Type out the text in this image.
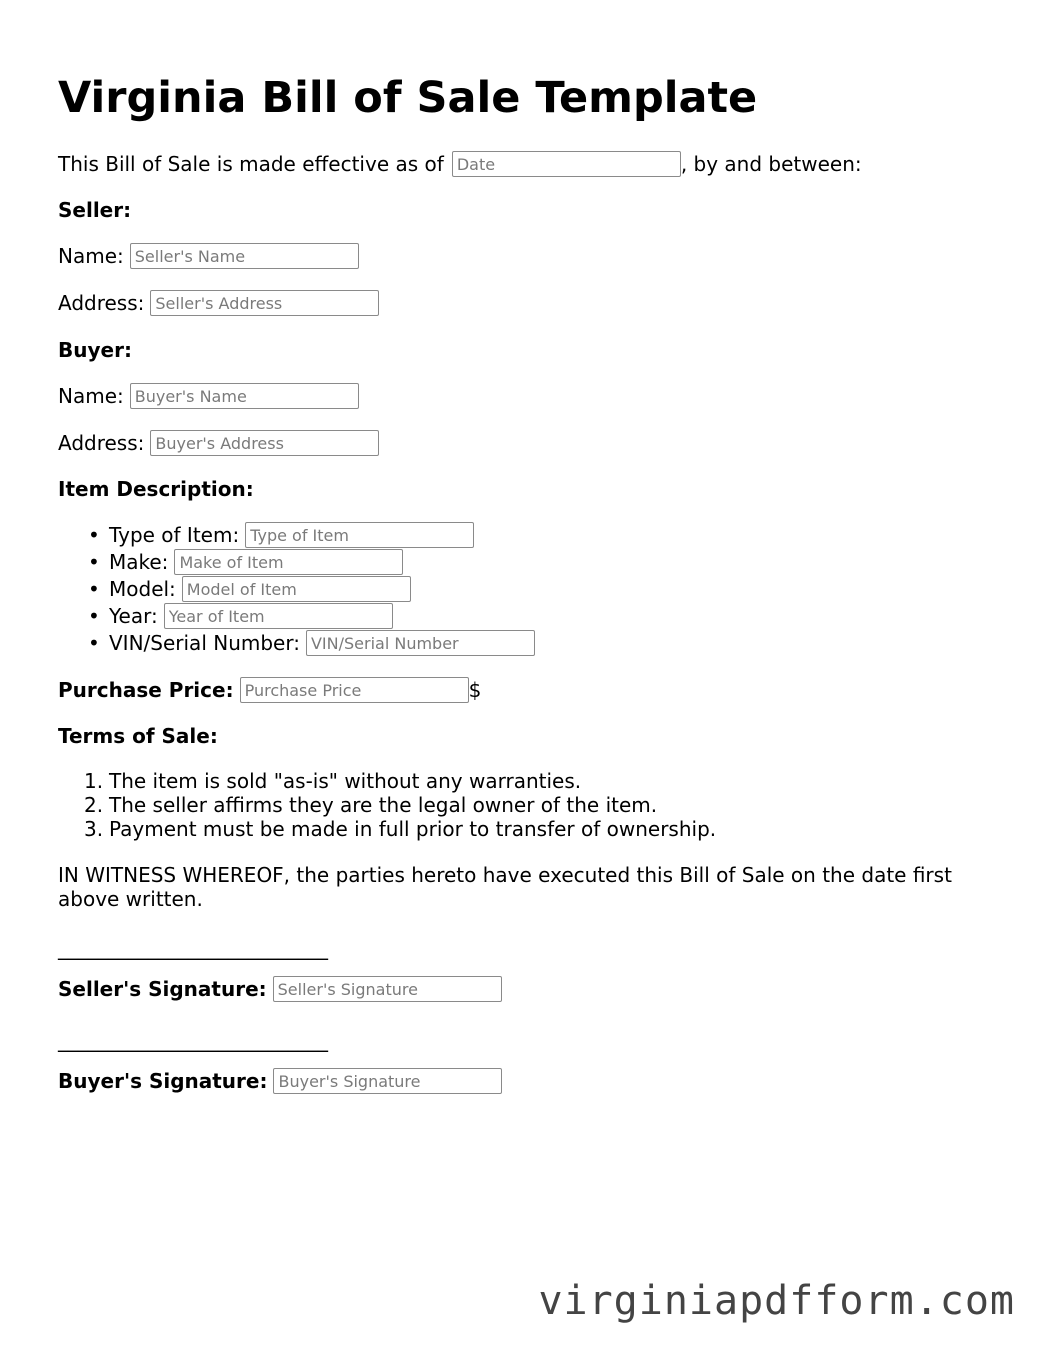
Virginia Bill of Sale Template
This Bill of Sale is made effective as of
Date	, by and between:
Seller:
Name:
Seller's Name
Address:
Seller's Address
Buyer:
Name:
Buyer's Name
Address:
Buyer's Address
Item Description:
• Type of Item:
Type of Item
• Make:
Make of Item
• Model:
Model of Item
• Year:
Year of Item
• VIN/Serial Number:
VIN/Serial Number
Purchase Price:
Purchase Price	$
Terms of Sale:
1. The item is sold "as-is" without any warranties.
2. The seller affirms they are the legal owner of the item.
3. Payment must be made in full prior to transfer of ownership.
IN WITNESS WHEREOF, the parties hereto have executed this Bill of Sale on the date first above written.
___________________________
Seller's Signature:
Seller's Signature
___________________________
Buyer's Signature:
Buyer's Signature
virginiapdfform.com
